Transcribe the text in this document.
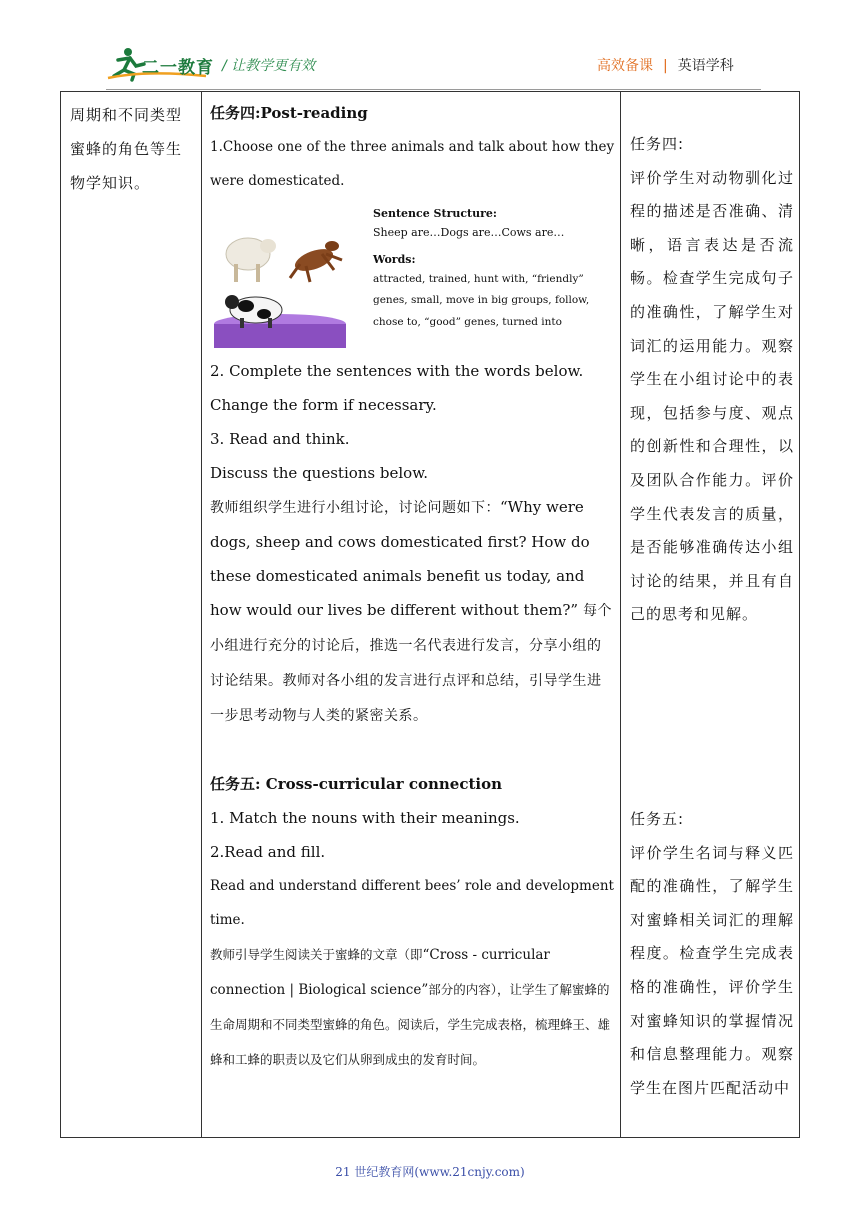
二一教育 / 让教学更有效	高效备课 | 英语学科
周期和不同类型蜜蜂的角色等生物学知识。

任务四:Post-reading

1.Choose one of the three animals and talk about how they were domesticated.

Sentence Structure:
Sheep are…Dogs are…Cows are…
Words:
attracted, trained, hunt with, “friendly”
genes, small, move in big groups, follow,
chose to, “good” genes, turned into

2. Complete the sentences with the words below. Change the form if necessary.

3. Read and think.

Discuss the questions below.

教师组织学生进行小组讨论，讨论问题如下：“Why were dogs, sheep and cows domesticated first? How do these domesticated animals benefit us today, and how would our lives be different without them?” 每个小组进行充分的讨论后，推选一名代表进行发言，分享小组的讨论结果。教师对各小组的发言进行点评和总结，引导学生进一步思考动物与人类的紧密关系。

任务五: Cross-curricular connection

1. Match the nouns with their meanings.

2.Read and fill.

Read and understand different bees’ role and development time.

教师引导学生阅读关于蜜蜂的文章（即“Cross - curricular connection | Biological science”部分的内容），让学生了解蜜蜂的生命周期和不同类型蜜蜂的角色。阅读后，学生完成表格，梳理蜂王、雄蜂和工蜂的职责以及它们从卵到成虫的发育时间。

任务四:
评价学生对动物驯化过程的描述是否准确、清晰，语言表达是否流畅。检查学生完成句子的准确性，了解学生对词汇的运用能力。观察学生在小组讨论中的表现，包括参与度、观点的创新性和合理性，以及团队合作能力。评价学生代表发言的质量，是否能够准确传达小组讨论的结果，并且有自己的思考和见解。
任务五:
评价学生名词与释义匹配的准确性，了解学生对蜜蜂相关词汇的理解程度。检查学生完成表格的准确性，评价学生对蜜蜂知识的掌握情况和信息整理能力。观察学生在图片匹配活动中
21 世纪教育网(www.21cnjy.com)
